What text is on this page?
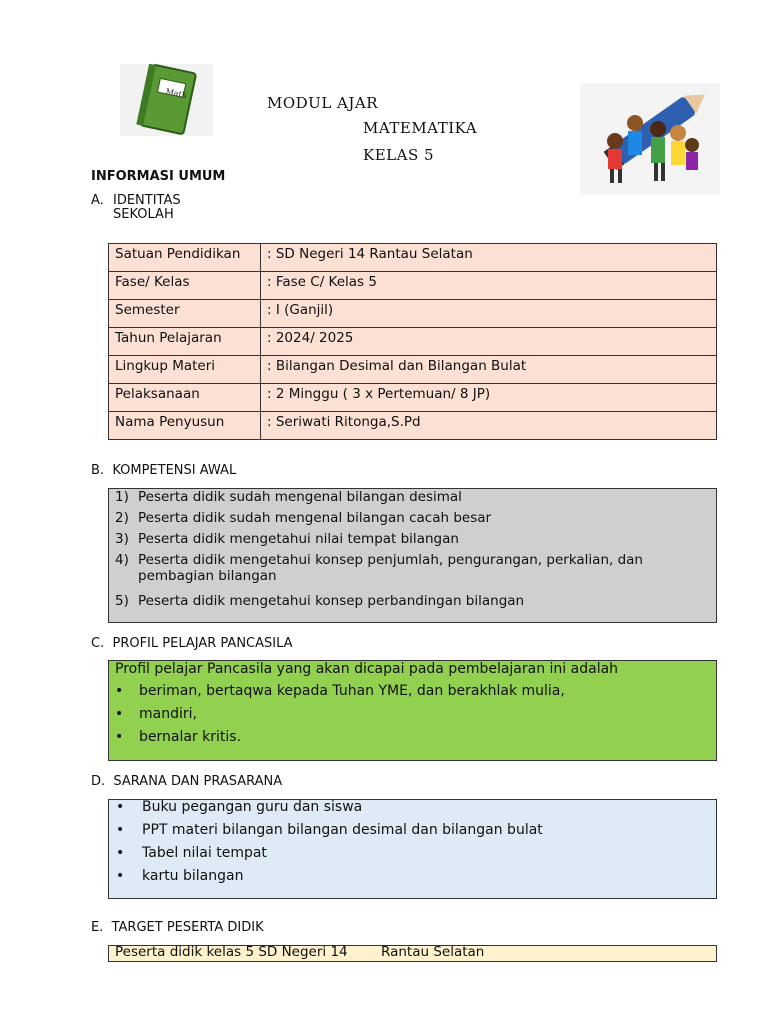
Math
MODUL AJAR
MATEMATIKA
KELAS 5
INFORMASI UMUM
A. IDENTITAS
SEKOLAH
Satuan Pendidikan	: SD Negeri 14 Rantau Selatan
Fase/ Kelas	: Fase C/ Kelas 5
Semester	: I (Ganjil)
Tahun Pelajaran	: 2024/ 2025
Lingkup Materi	: Bilangan Desimal dan Bilangan Bulat
Pelaksanaan	: 2 Minggu ( 3 x Pertemuan/ 8 JP)
Nama Penyusun	: Seriwati Ritonga,S.Pd
B.  KOMPETENSI AWAL
1) Peserta didik sudah mengenal bilangan desimal
2) Peserta didik sudah mengenal bilangan cacah besar
3) Peserta didik mengetahui nilai tempat bilangan
4) Peserta didik mengetahui konsep penjumlah, pengurangan, perkalian, dan pembagian bilangan
5) Peserta didik mengetahui konsep perbandingan bilangan
C.  PROFIL PELAJAR PANCASILA
Profil pelajar Pancasila yang akan dicapai pada pembelajaran ini adalah
• beriman, bertaqwa kepada Tuhan YME, dan berakhlak mulia,
• mandiri,
• bernalar kritis.
D.  SARANA DAN PRASARANA
• Buku pegangan guru dan siswa
• PPT materi bilangan bilangan desimal dan bilangan bulat
• Tabel nilai tempat
• kartu bilangan
E.  TARGET PESERTA DIDIK
Peserta didik kelas 5 SD Negeri 14 Rantau Selatan
